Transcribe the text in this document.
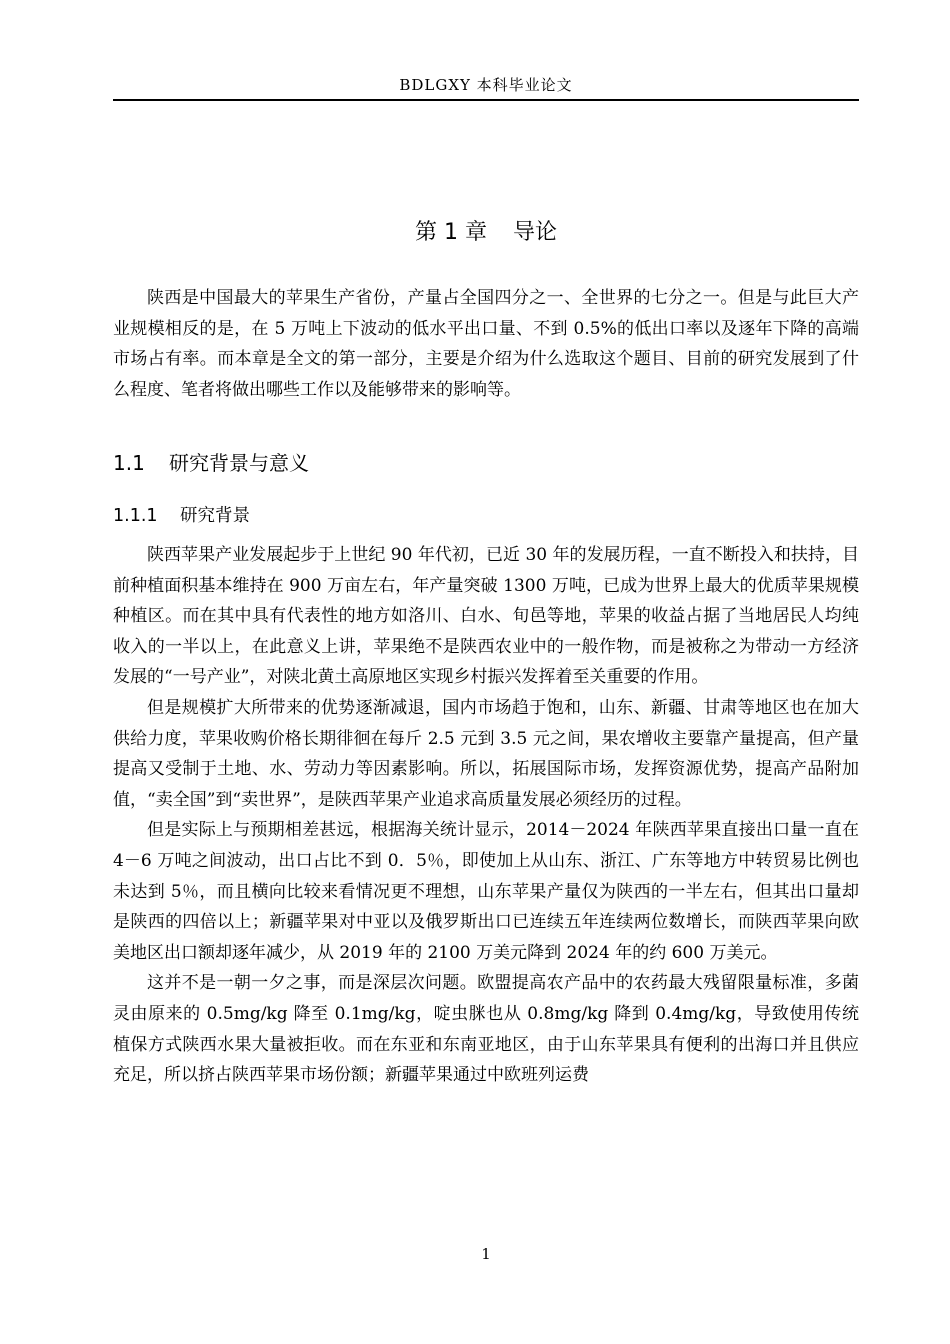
BDLGXY 本科毕业论文
第 1 章 导论

陕西是中国最大的苹果生产省份，产量占全国四分之一、全世界的七分之一。但是与此巨大产业规模相反的是，在 5 万吨上下波动的低水平出口量、不到 0.5%的低出口率以及逐年下降的高端市场占有率。而本章是全文的第一部分，主要是介绍为什么选取这个题目、目前的研究发展到了什么程度、笔者将做出哪些工作以及能够带来的影响等。

1.1 研究背景与意义
1.1.1 研究背景

陕西苹果产业发展起步于上世纪 90 年代初，已近 30 年的发展历程，一直不断投入和扶持，目前种植面积基本维持在 900 万亩左右，年产量突破 1300 万吨，已成为世界上最大的优质苹果规模种植区。而在其中具有代表性的地方如洛川、白水、旬邑等地，苹果的收益占据了当地居民人均纯收入的一半以上，在此意义上讲，苹果绝不是陕西农业中的一般作物，而是被称之为带动一方经济发展的“一号产业”，对陕北黄土高原地区实现乡村振兴发挥着至关重要的作用。

但是规模扩大所带来的优势逐渐减退，国内市场趋于饱和，山东、新疆、甘肃等地区也在加大供给力度，苹果收购价格长期徘徊在每斤 2.5 元到 3.5 元之间，果农增收主要靠产量提高，但产量提高又受制于土地、水、劳动力等因素影响。所以，拓展国际市场，发挥资源优势，提高产品附加值，“卖全国”到“卖世界”，是陕西苹果产业追求高质量发展必须经历的过程。

但是实际上与预期相差甚远，根据海关统计显示，2014－2024 年陕西苹果直接出口量一直在 4－6 万吨之间波动，出口占比不到 0．5％，即使加上从山东、浙江、广东等地方中转贸易比例也未达到 5％，而且横向比较来看情况更不理想，山东苹果产量仅为陕西的一半左右，但其出口量却是陕西的四倍以上；新疆苹果对中亚以及俄罗斯出口已连续五年连续两位数增长，而陕西苹果向欧美地区出口额却逐年减少，从 2019 年的 2100 万美元降到 2024 年的约 600 万美元。

这并不是一朝一夕之事，而是深层次问题。欧盟提高农产品中的农药最大残留限量标准，多菌灵由原来的 0.5mg/kg 降至 0.1mg/kg，啶虫脒也从 0.8mg/kg 降到 0.4mg/kg，导致使用传统植保方式陕西水果大量被拒收。而在东亚和东南亚地区，由于山东苹果具有便利的出海口并且供应充足，所以挤占陕西苹果市场份额；新疆苹果通过中欧班列运费

1
